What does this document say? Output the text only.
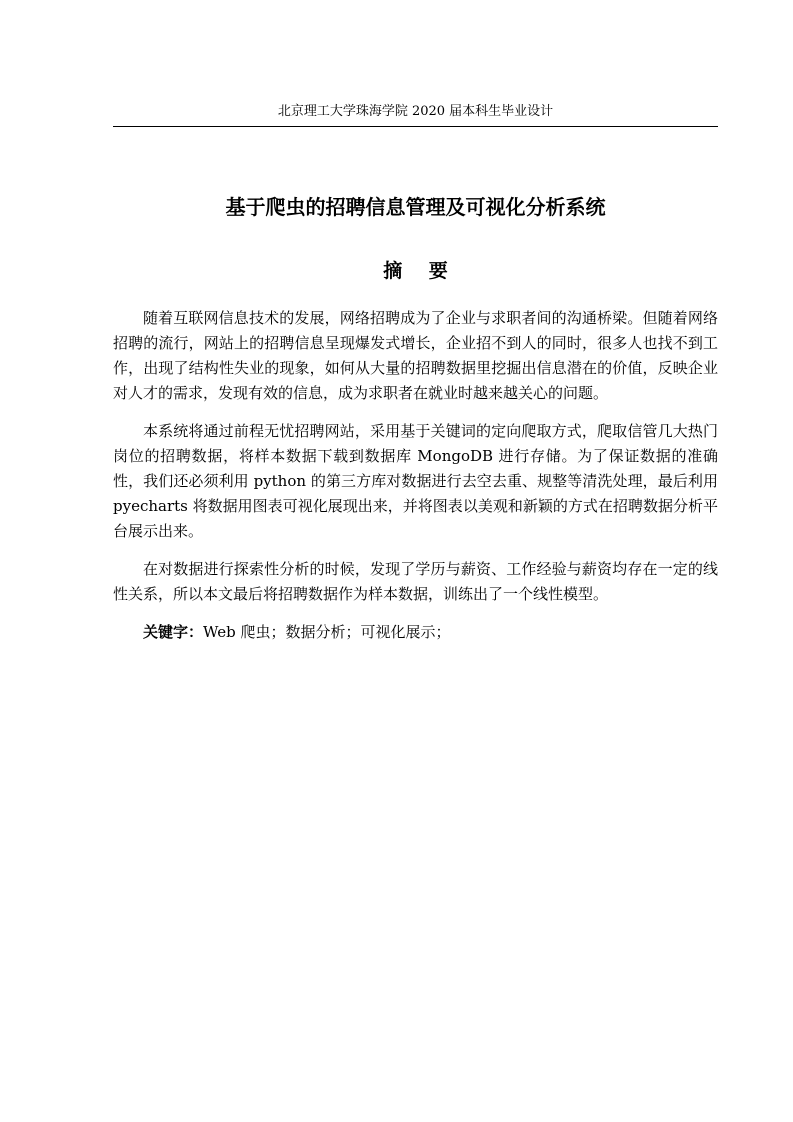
北京理工大学珠海学院 2020 届本科生毕业设计
基于爬虫的招聘信息管理及可视化分析系统
摘 要

随着互联网信息技术的发展，网络招聘成为了企业与求职者间的沟通桥梁。但随着网络招聘的流行，网站上的招聘信息呈现爆发式增长，企业招不到人的同时，很多人也找不到工作，出现了结构性失业的现象，如何从大量的招聘数据里挖掘出信息潜在的价值，反映企业对人才的需求，发现有效的信息，成为求职者在就业时越来越关心的问题。

本系统将通过前程无忧招聘网站，采用基于关键词的定向爬取方式，爬取信管几大热门岗位的招聘数据，将样本数据下载到数据库 MongoDB 进行存储。为了保证数据的准确性，我们还必须利用 python 的第三方库对数据进行去空去重、规整等清洗处理，最后利用 pyecharts 将数据用图表可视化展现出来，并将图表以美观和新颖的方式在招聘数据分析平台展示出来。

在对数据进行探索性分析的时候，发现了学历与薪资、工作经验与薪资均存在一定的线性关系，所以本文最后将招聘数据作为样本数据，训练出了一个线性模型。

关键字：Web 爬虫；数据分析；可视化展示；
